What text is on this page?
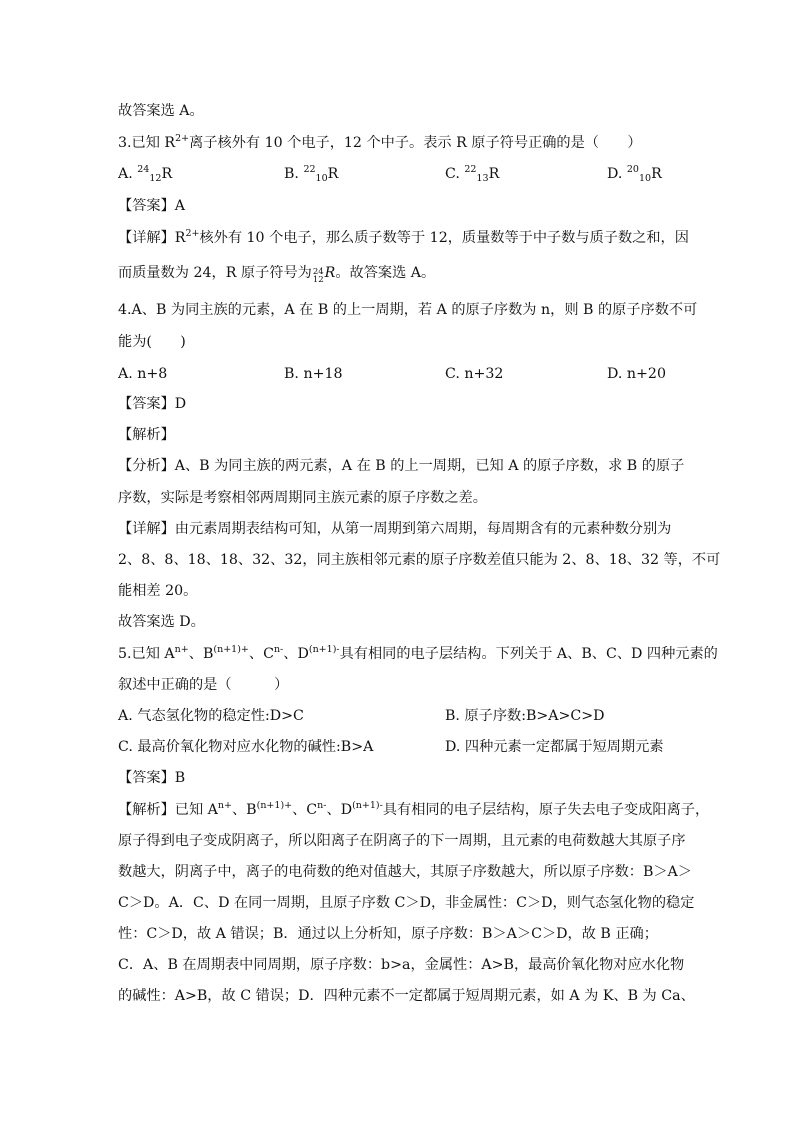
故答案选 A。
3.已知 $R^{2+}$离子核外有 10 个电子，12 个中子。表示 R 原子符号正确的是（　　）
A. $^{24}_{12}$R	B. $^{22}_{10}$R	C. $^{22}_{13}$R	D. $^{20}_{10}$R
【答案】A
【详解】$R^{2+}$核外有 10 个电子，那么质子数等于 12，质量数等于中子数与质子数之和，因
而质量数为 24，R 原子符号为 24
12 R。故答案选 A。
4.A、B 为同主族的元素，A 在 B 的上一周期，若 A 的原子序数为 n，则 B 的原子序数不可
能为(　　)
A. n+8	B. n+18	C. n+32	D. n+20
【答案】D
【解析】
【分析】A、B 为同主族的两元素，A 在 B 的上一周期，已知 A 的原子序数，求 B 的原子
序数，实际是考察相邻两周期同主族元素的原子序数之差。
【详解】由元素周期表结构可知，从第一周期到第六周期，每周期含有的元素种数分别为
2、8、8、18、18、32、32，同主族相邻元素的原子序数差值只能为 2、8、18、32 等，不可
能相差 20。
故答案选 D。
5.已知 $A^{n+}$、$B^{(n+1)+}$、$C^{n-}$、$D^{(n+1)-}$具有相同的电子层结构。下列关于 A、B、C、D 四种元素的
叙述中正确的是（　　　）
A. 气态氢化物的稳定性:D>C	B. 原子序数:B>A>C>D
C. 最高价氧化物对应水化物的碱性:B>A	D. 四种元素一定都属于短周期元素
【答案】B
【解析】已知 $A^{n+}$、$B^{(n+1)+}$、$C^{n-}$、$D^{(n+1)-}$具有相同的电子层结构，原子失去电子变成阳离子，
原子得到电子变成阴离子，所以阳离子在阴离子的下一周期，且元素的电荷数越大其原子序
数越大，阴离子中，离子的电荷数的绝对值越大，其原子序数越大，所以原子序数：B＞A＞
C＞D。A．C、D 在同一周期，且原子序数 C＞D，非金属性：C＞D，则气态氢化物的稳定
性：C＞D，故 A 错误；B．通过以上分析知，原子序数：B＞A＞C＞D，故 B 正确；
C．A、B 在周期表中同周期，原子序数：b>a，金属性：A>B，最高价氧化物对应水化物
的碱性：A>B，故 C 错误；D．四种元素不一定都属于短周期元素，如 A 为 K、B 为 Ca、
